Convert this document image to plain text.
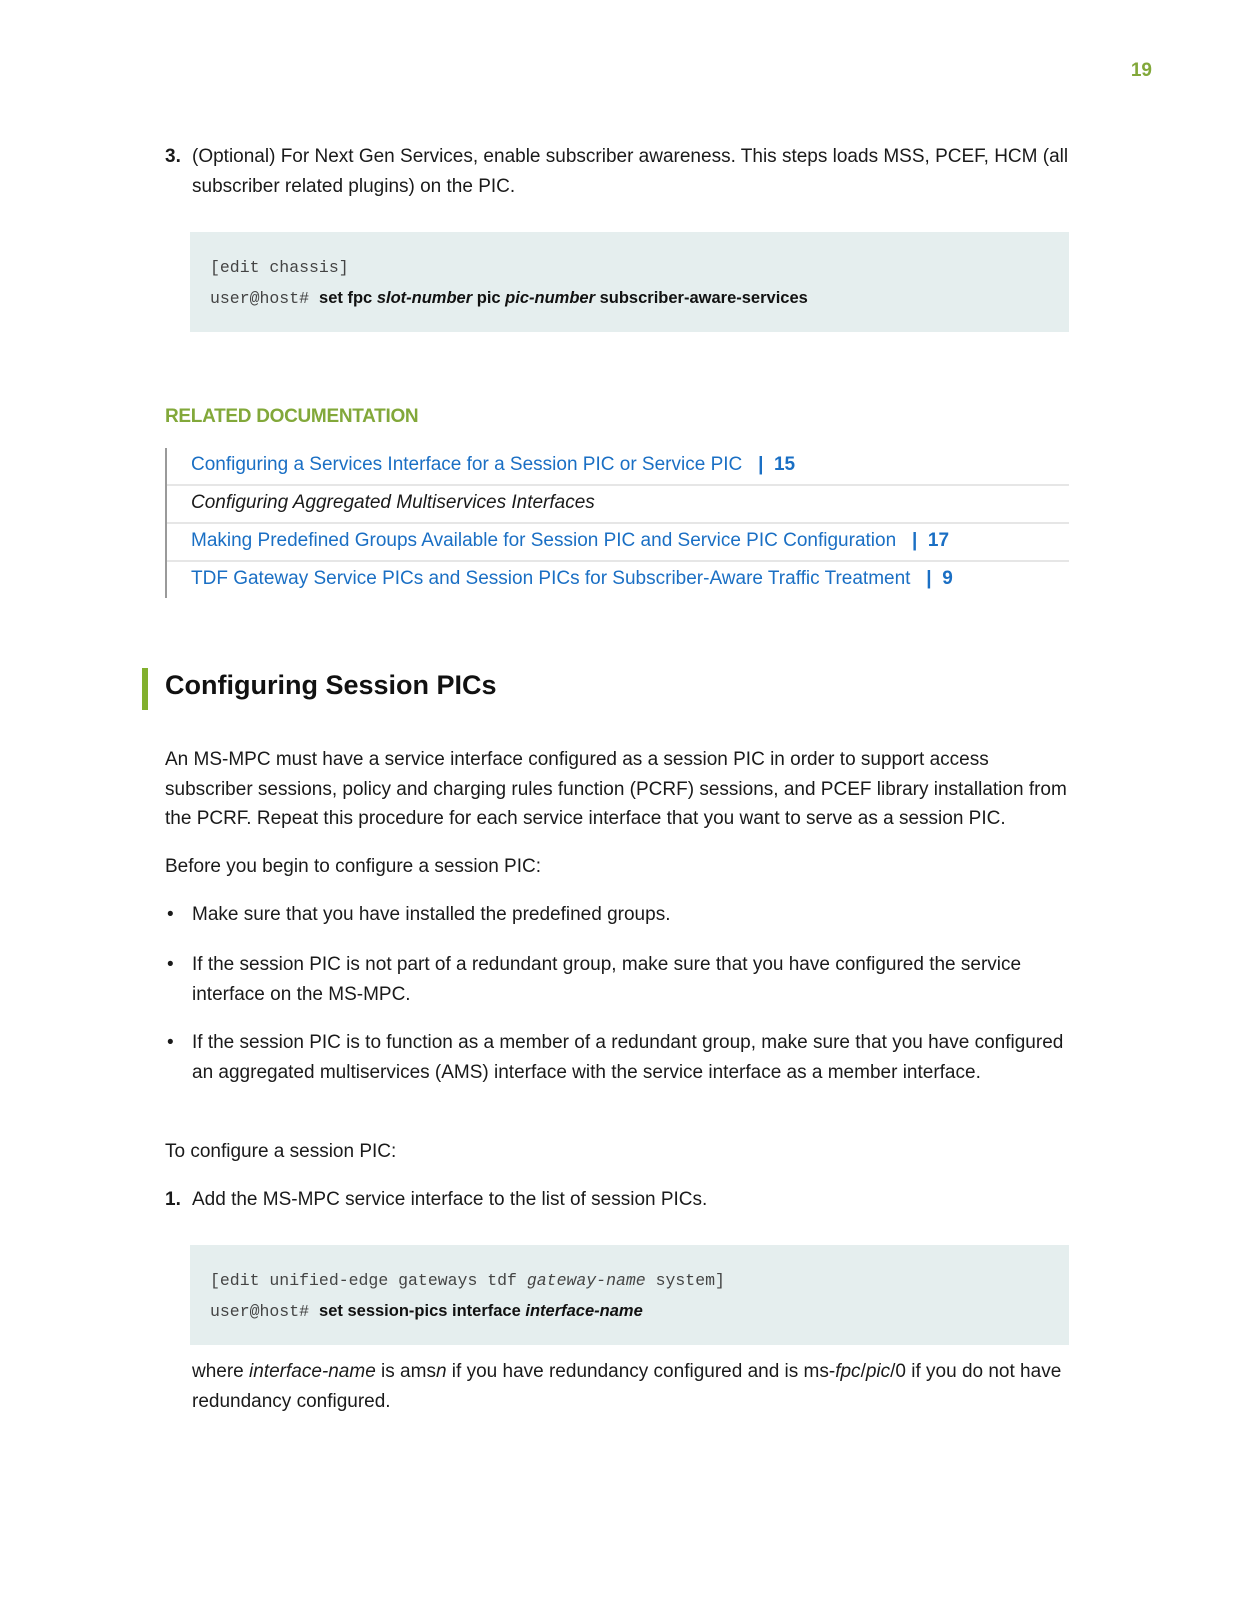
19
3. (Optional) For Next Gen Services, enable subscriber awareness. This steps loads MSS, PCEF, HCM (all subscriber related plugins) on the PIC.
[edit chassis]
user@host# set fpc slot-number pic pic-number subscriber-aware-services
RELATED DOCUMENTATION
Configuring a Services Interface for a Session PIC or Service PIC | 15
Configuring Aggregated Multiservices Interfaces
Making Predefined Groups Available for Session PIC and Service PIC Configuration | 17
TDF Gateway Service PICs and Session PICs for Subscriber-Aware Traffic Treatment | 9
Configuring Session PICs
An MS-MPC must have a service interface configured as a session PIC in order to support access subscriber sessions, policy and charging rules function (PCRF) sessions, and PCEF library installation from the PCRF. Repeat this procedure for each service interface that you want to serve as a session PIC.
Before you begin to configure a session PIC:
• Make sure that you have installed the predefined groups.
• If the session PIC is not part of a redundant group, make sure that you have configured the service interface on the MS-MPC.
• If the session PIC is to function as a member of a redundant group, make sure that you have configured an aggregated multiservices (AMS) interface with the service interface as a member interface.
To configure a session PIC:
1. Add the MS-MPC service interface to the list of session PICs.
[edit unified-edge gateways tdf gateway-name system]
user@host# set session-pics interface interface-name
where interface-name is amsn if you have redundancy configured and is ms-fpc/pic/0 if you do not have redundancy configured.
